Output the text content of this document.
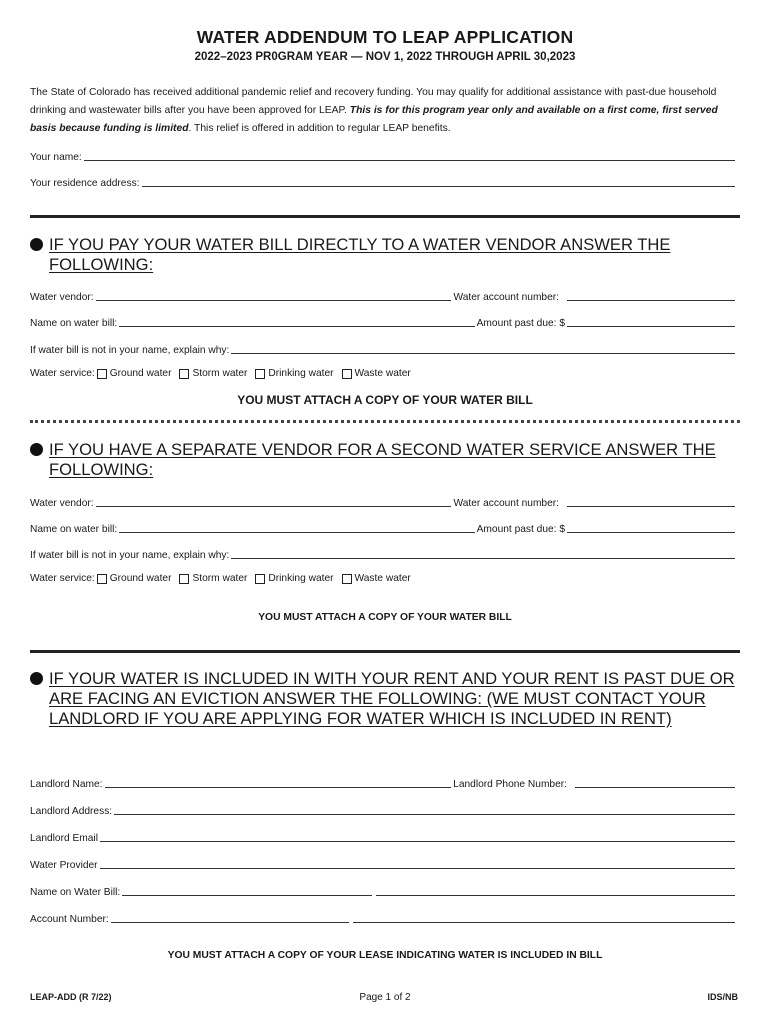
WATER ADDENDUM TO LEAP APPLICATION
2022–2023 PR0GRAM YEAR — NOV 1, 2022 THROUGH APRIL 30,2023
The State of Colorado has received additional pandemic relief and recovery funding. You may qualify for additional assistance with past-due household drinking and wastewater bills after you have been approved for LEAP. This is for this program year only and available on a first come, first served basis because funding is limited. This relief is offered in addition to regular LEAP benefits.
Your name:
Your residence address:
IF YOU PAY YOUR WATER BILL DIRECTLY TO A WATER VENDOR ANSWER THE FOLLOWING:
Water vendor:	Water account number:
Name on water bill:	Amount past due: $
If water bill is not in your name, explain why:
Water service: Ground water Storm water Drinking water Waste water
YOU MUST ATTACH A COPY OF YOUR WATER BILL
IF YOU HAVE A SEPARATE VENDOR FOR A SECOND WATER SERVICE ANSWER THE FOLLOWING:
Water vendor:	Water account number:
Name on water bill:	Amount past due: $
If water bill is not in your name, explain why:
Water service: Ground water Storm water Drinking water Waste water
YOU MUST ATTACH A COPY OF YOUR WATER BILL
IF YOUR WATER IS INCLUDED IN WITH YOUR RENT AND YOUR RENT IS PAST DUE OR ARE FACING AN EVICTION ANSWER THE FOLLOWING: (WE MUST CONTACT YOUR LANDLORD IF YOU ARE APPLYING FOR WATER WHICH IS INCLUDED IN RENT)
Landlord Name:	Landlord Phone Number:
Landlord Address:
Landlord Email
Water Provider
Name on Water Bill:
Account Number:
YOU MUST ATTACH A COPY OF YOUR LEASE INDICATING WATER IS INCLUDED IN BILL
LEAP-ADD (R 7/22)	Page 1 of 2	IDS/NB
